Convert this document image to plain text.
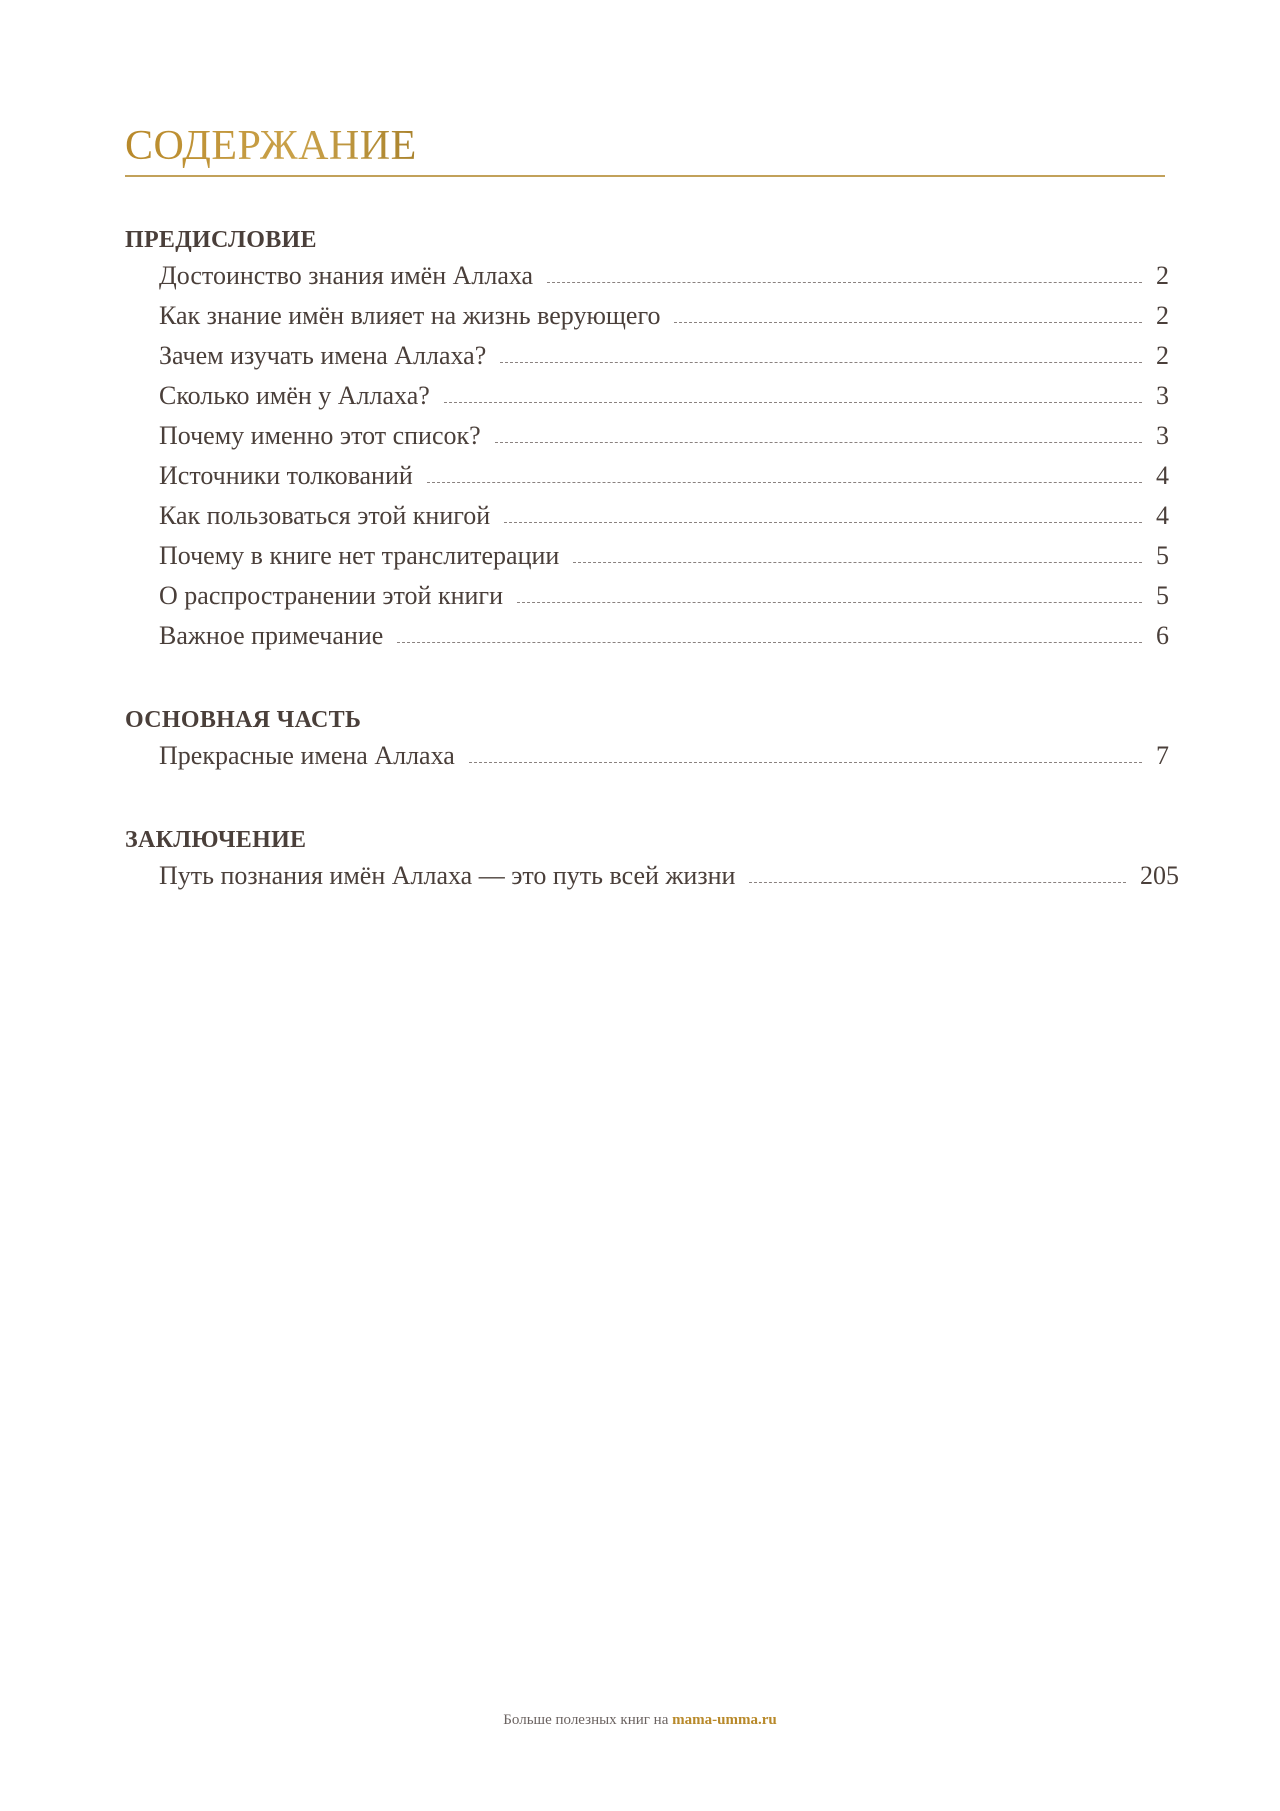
СОДЕРЖАНИЕ
ПРЕДИСЛОВИЕ
Достоинство знания имён Аллаха	2
Как знание имён влияет на жизнь верующего	2
Зачем изучать имена Аллаха?	2
Сколько имён у Аллаха?	3
Почему именно этот список?	3
Источники толкований	4
Как пользоваться этой книгой	4
Почему в книге нет транслитерации	5
О распространении этой книги	5
Важное примечание	6
ОСНОВНАЯ ЧАСТЬ
Прекрасные имена Аллаха	7
ЗАКЛЮЧЕНИЕ
Путь познания имён Аллаха — это путь всей жизни	205
Больше полезных книг на mama-umma.ru
